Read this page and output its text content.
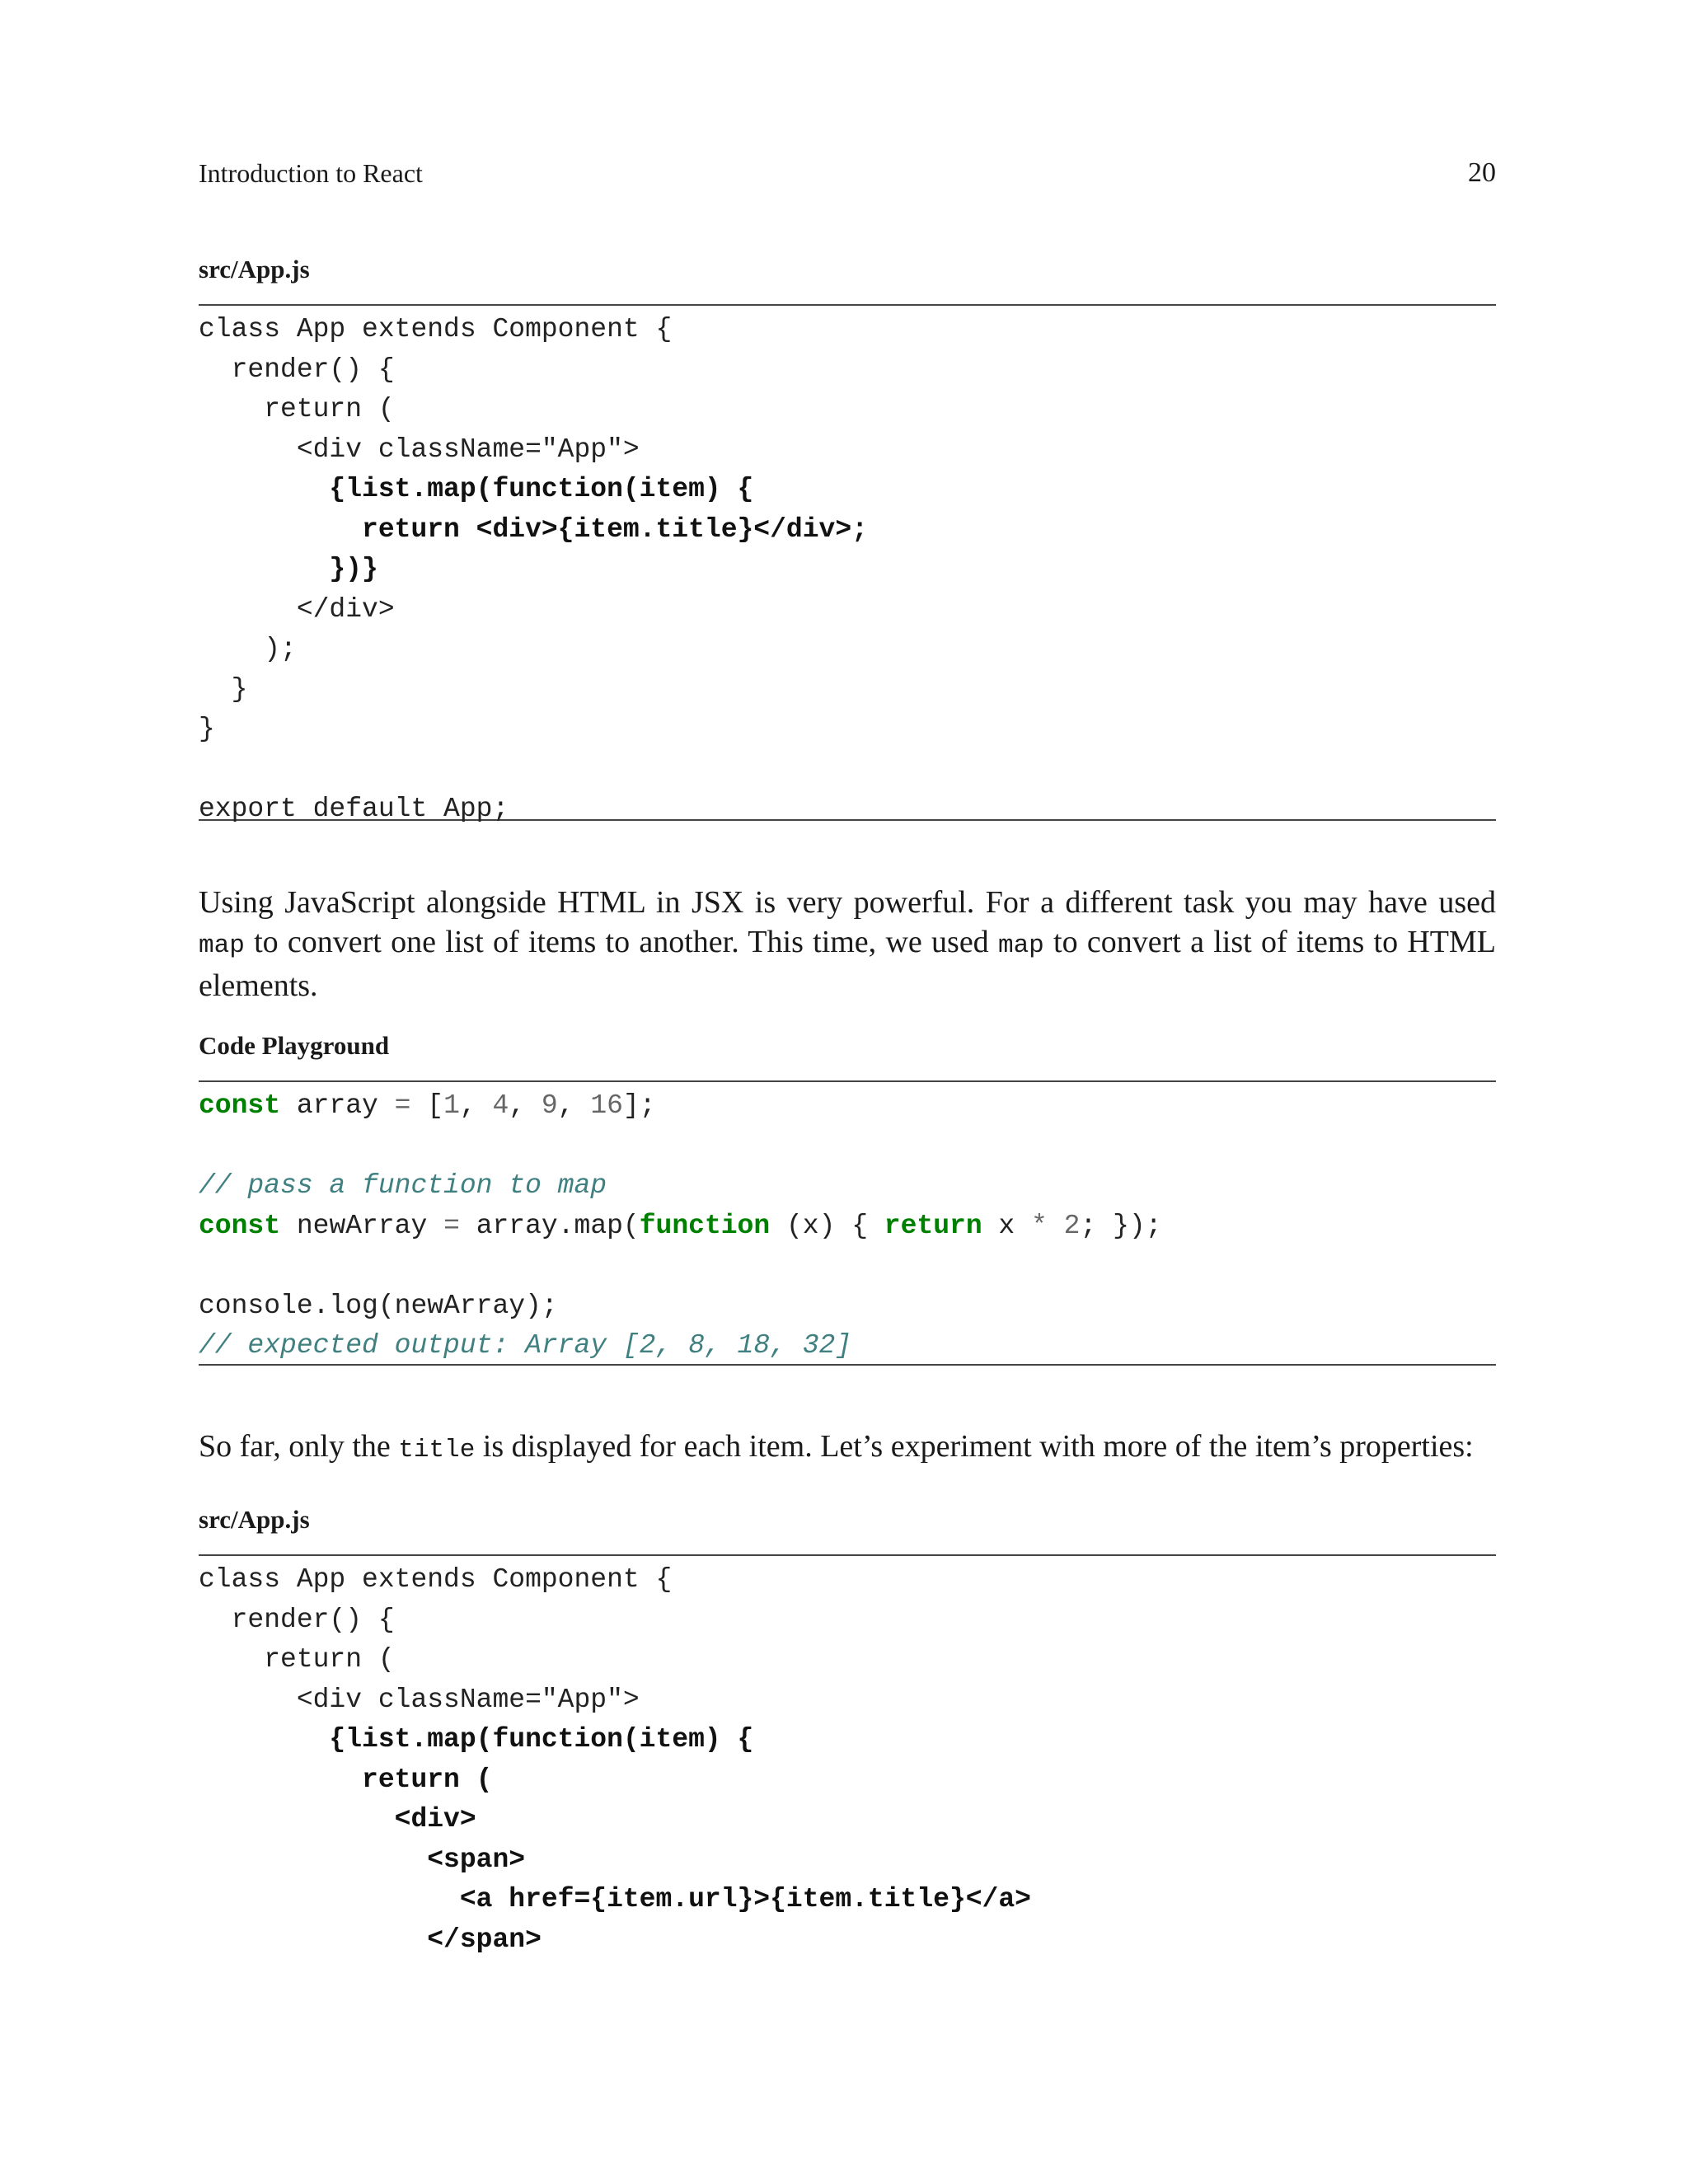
Introduction to React	20
src/App.js
class App extends Component {
render() {
return (
<div className="App">
{list.map(function(item) {
return <div>{item.title}</div>;
})}
</div>
);
}
}
export default App;
Using JavaScript alongside HTML in JSX is very powerful. For a different task you may have used map to convert one list of items to another. This time, we used map to convert a list of items to HTML elements.
Code Playground
const array = [1, 4, 9, 16];
// pass a function to map
const newArray = array.map(function (x) { return x * 2; });
console.log(newArray);
// expected output: Array [2, 8, 18, 32]
So far, only the title is displayed for each item. Let’s experiment with more of the item’s properties:
src/App.js
class App extends Component {
render() {
return (
<div className="App">
{list.map(function(item) {
return (
<div>
<span>
<a href={item.url}>{item.title}</a>
</span>
